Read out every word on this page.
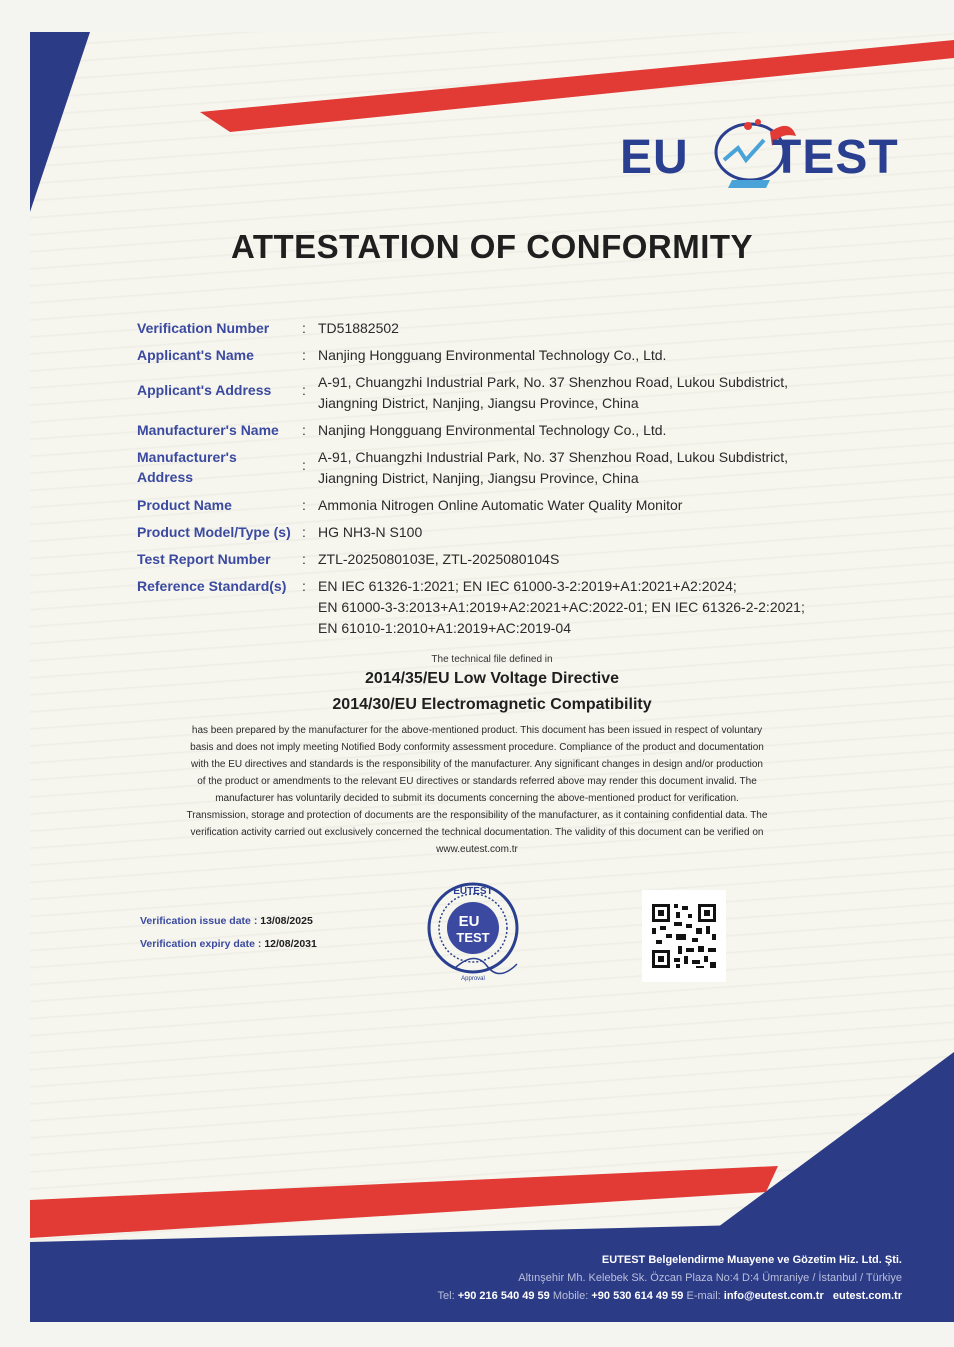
EU TEST
ATTESTATION OF CONFORMITY
Verification Number	: TD51882502
Applicant's Name	: Nanjing Hongguang Environmental Technology Co., Ltd.
Applicant's Address	: A-91, Chuangzhi Industrial Park, No. 37 Shenzhou Road, Lukou Subdistrict,
Jiangning District, Nanjing, Jiangsu Province, China
Manufacturer's Name	: Nanjing Hongguang Environmental Technology Co., Ltd.
Manufacturer's Address
: A-91, Chuangzhi Industrial Park, No. 37 Shenzhou Road, Lukou Subdistrict,
Jiangning District, Nanjing, Jiangsu Province, China
Product Name	: Ammonia Nitrogen Online Automatic Water Quality Monitor
Product Model/Type (s) : HG NH3-N S100
Test Report Number	: ZTL-2025080103E, ZTL-2025080104S
Reference Standard(s)	: EN IEC 61326-1:2021; EN IEC 61000-3-2:2019+A1:2021+A2:2024;
EN 61000-3-3:2013+A1:2019+A2:2021+AC:2022-01; EN IEC 61326-2-2:2021;
EN 61010-1:2010+A1:2019+AC:2019-04
The technical file defined in
2014/35/EU Low Voltage Directive
2014/30/EU Electromagnetic Compatibility
has been prepared by the manufacturer for the above-mentioned product. This document has been issued in respect of voluntary
basis and does not imply meeting Notified Body conformity assessment procedure. Compliance of the product and documentation
with the EU directives and standards is the responsibility of the manufacturer. Any significant changes in design and/or production
of the product or amendments to the relevant EU directives or standards referred above may render this document invalid. The
manufacturer has voluntarily decided to submit its documents concerning the above-mentioned product for verification.
Transmission, storage and protection of documents are the responsibility of the manufacturer, as it containing confidential data. The
verification activity carried out exclusively concerned the technical documentation. The validity of this document can be verified on
www.eutest.com.tr
Verification issue date : 13/08/2025
Verification expiry date : 12/08/2031
EUTEST
EU
TEST
Approval
EUTEST Belgelendirme Muayene ve Gözetim Hiz. Ltd. Şti.
Altınşehir Mh. Kelebek Sk. Özcan Plaza No:4 D:4 Ümraniye / İstanbul / Türkiye
Tel: +90 216 540 49 59 Mobile: +90 530 614 49 59 E-mail: info@eutest.com.tr eutest.com.tr
